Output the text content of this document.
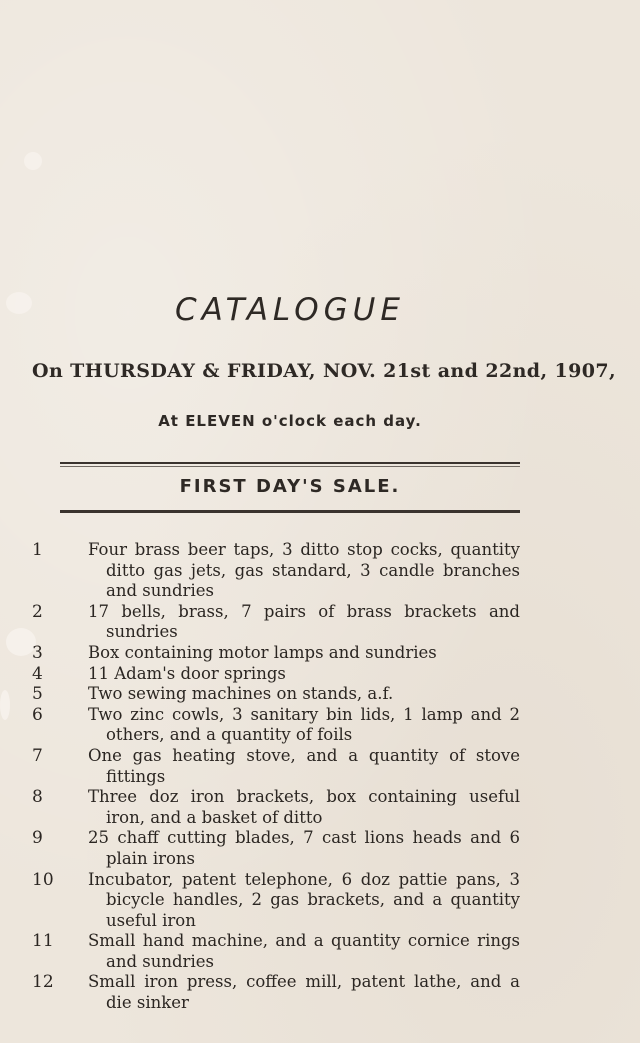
CATALOGUE
On THURSDAY & FRIDAY, NOV. 21st and 22nd, 1907,
At ELEVEN o'clock each day.
FIRST DAY'S SALE.
1	Four brass beer taps, 3 ditto stop cocks, quantity ditto gas jets, gas standard, 3 candle branches and sundries
2	17 bells, brass, 7 pairs of brass brackets and sundries
3	Box containing motor lamps and sundries
4	11 Adam's door springs
5	Two sewing machines on stands, a.f.
6	Two zinc cowls, 3 sanitary bin lids, 1 lamp and 2 others, and a quantity of foils
7	One gas heating stove, and a quantity of stove fittings
8	Three doz iron brackets, box containing useful iron, and a basket of ditto
9	25 chaff cutting blades, 7 cast lions heads and 6 plain irons
10	Incubator, patent telephone, 6 doz pattie pans, 3 bicycle handles, 2 gas brackets, and a quantity useful iron
11	Small hand machine, and a quantity cornice rings and sundries
12	Small iron press, coffee mill, patent lathe, and a die sinker
